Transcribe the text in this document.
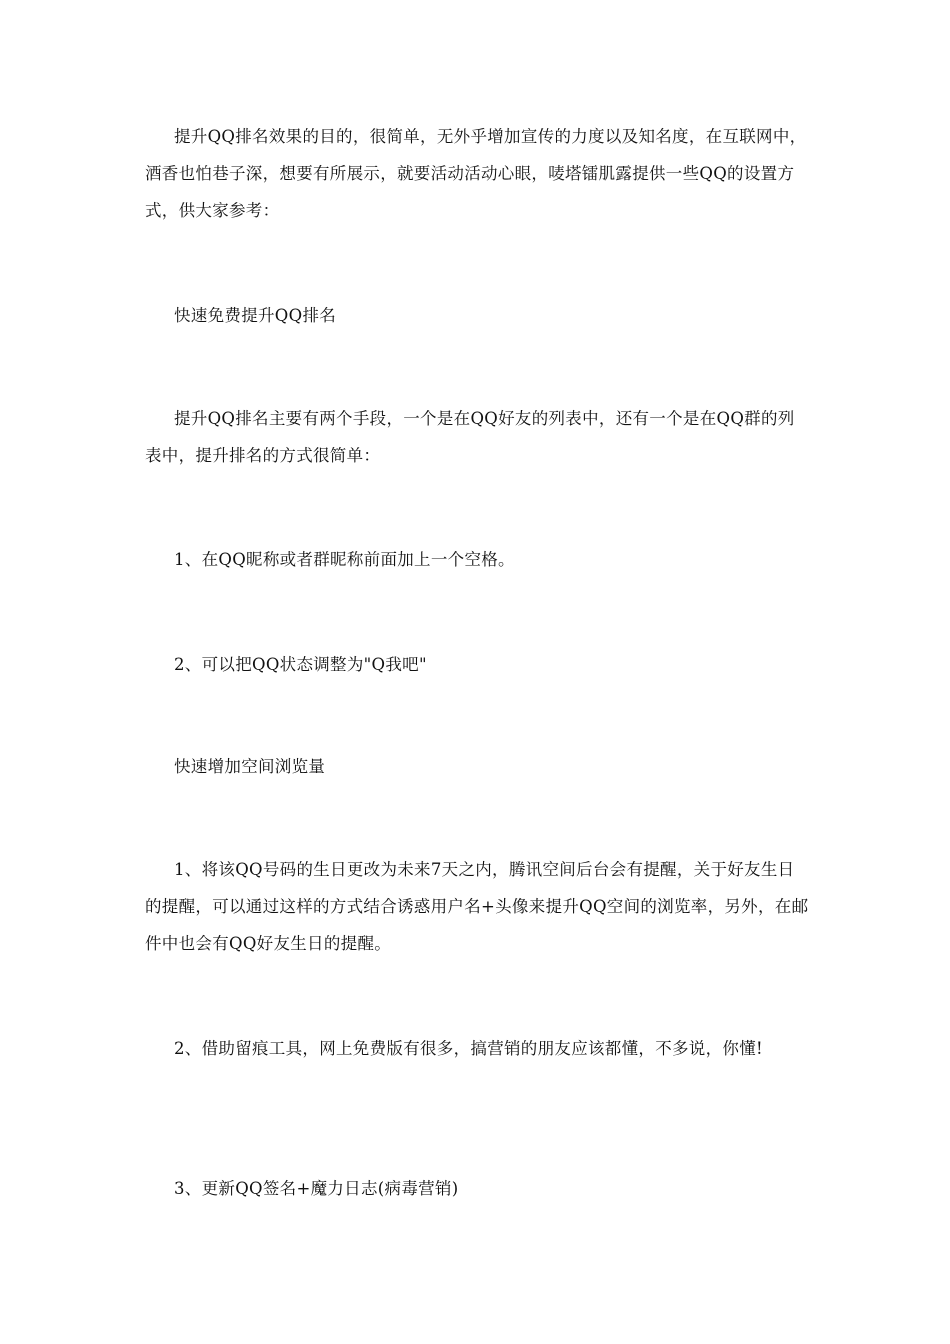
提升QQ排名效果的目的，很简单，无外乎增加宣传的力度以及知名度，在互联网中，酒香也怕巷子深，想要有所展示，就要活动活动心眼，唛塔镭肌露提供一些QQ的设置方式，供大家参考：

快速免费提升QQ排名

提升QQ排名主要有两个手段，一个是在QQ好友的列表中，还有一个是在QQ群的列表中，提升排名的方式很简单：

1、在QQ昵称或者群昵称前面加上一个空格。

2、可以把QQ状态调整为"Q我吧"

快速增加空间浏览量

1、将该QQ号码的生日更改为未来7天之内，腾讯空间后台会有提醒，关于好友生日的提醒，可以通过这样的方式结合诱惑用户名+头像来提升QQ空间的浏览率，另外，在邮件中也会有QQ好友生日的提醒。

2、借助留痕工具，网上免费版有很多，搞营销的朋友应该都懂，不多说，你懂!

3、更新QQ签名+魔力日志(病毒营销)
